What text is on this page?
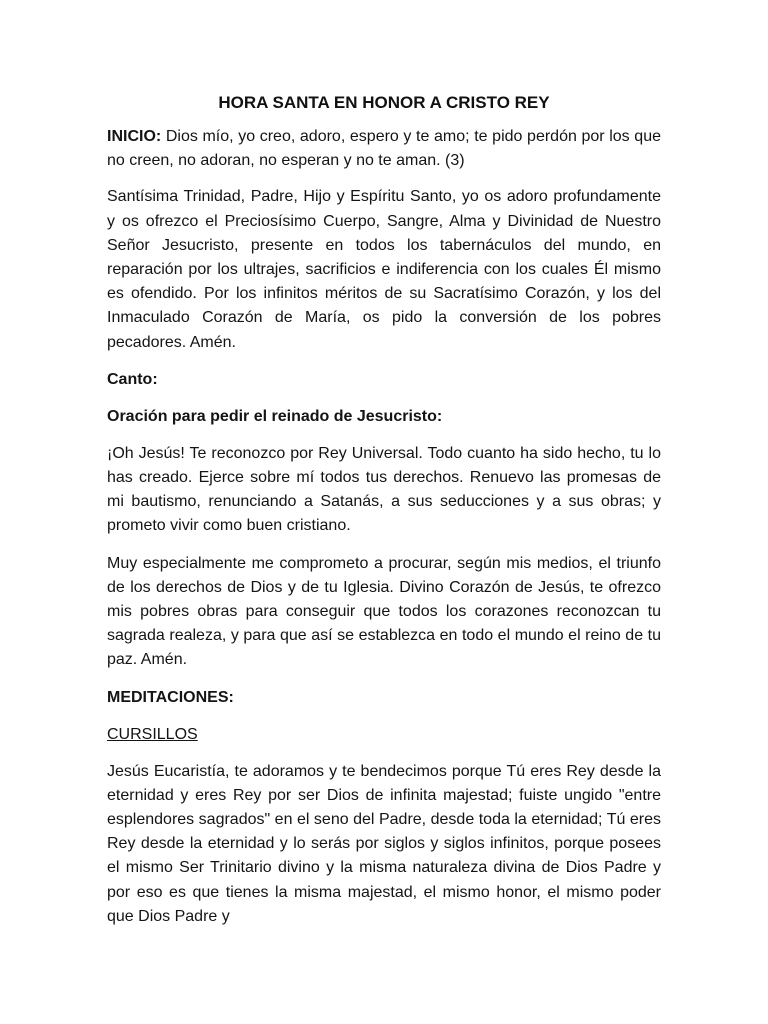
HORA SANTA EN HONOR A CRISTO REY

INICIO: Dios mío, yo creo, adoro, espero y te amo; te pido perdón por los que no creen, no adoran, no esperan y no te aman. (3)

Santísima Trinidad, Padre, Hijo y Espíritu Santo, yo os adoro profundamente y os ofrezco el Preciosísimo Cuerpo, Sangre, Alma y Divinidad de Nuestro Señor Jesucristo, presente en todos los tabernáculos del mundo, en reparación por los ultrajes, sacrificios e indiferencia con los cuales Él mismo es ofendido. Por los infinitos méritos de su Sacratísimo Corazón, y los del Inmaculado Corazón de María, os pido la conversión de los pobres pecadores. Amén.

Canto:

Oración para pedir el reinado de Jesucristo:

¡Oh Jesús! Te reconozco por Rey Universal. Todo cuanto ha sido hecho, tu lo has creado. Ejerce sobre mí todos tus derechos. Renuevo las promesas de mi bautismo, renunciando a Satanás, a sus seducciones y a sus obras; y prometo vivir como buen cristiano.

Muy especialmente me comprometo a procurar, según mis medios, el triunfo de los derechos de Dios y de tu Iglesia. Divino Corazón de Jesús, te ofrezco mis pobres obras para conseguir que todos los corazones reconozcan tu sagrada realeza, y para que así se establezca en todo el mundo el reino de tu paz. Amén.

MEDITACIONES:

CURSILLOS

Jesús Eucaristía, te adoramos y te bendecimos porque Tú eres Rey desde la eternidad y eres Rey por ser Dios de infinita majestad; fuiste ungido "entre esplendores sagrados" en el seno del Padre, desde toda la eternidad; Tú eres Rey desde la eternidad y lo serás por siglos y siglos infinitos, porque posees el mismo Ser Trinitario divino y la misma naturaleza divina de Dios Padre y por eso es que tienes la misma majestad, el mismo honor, el mismo poder que Dios Padre y
